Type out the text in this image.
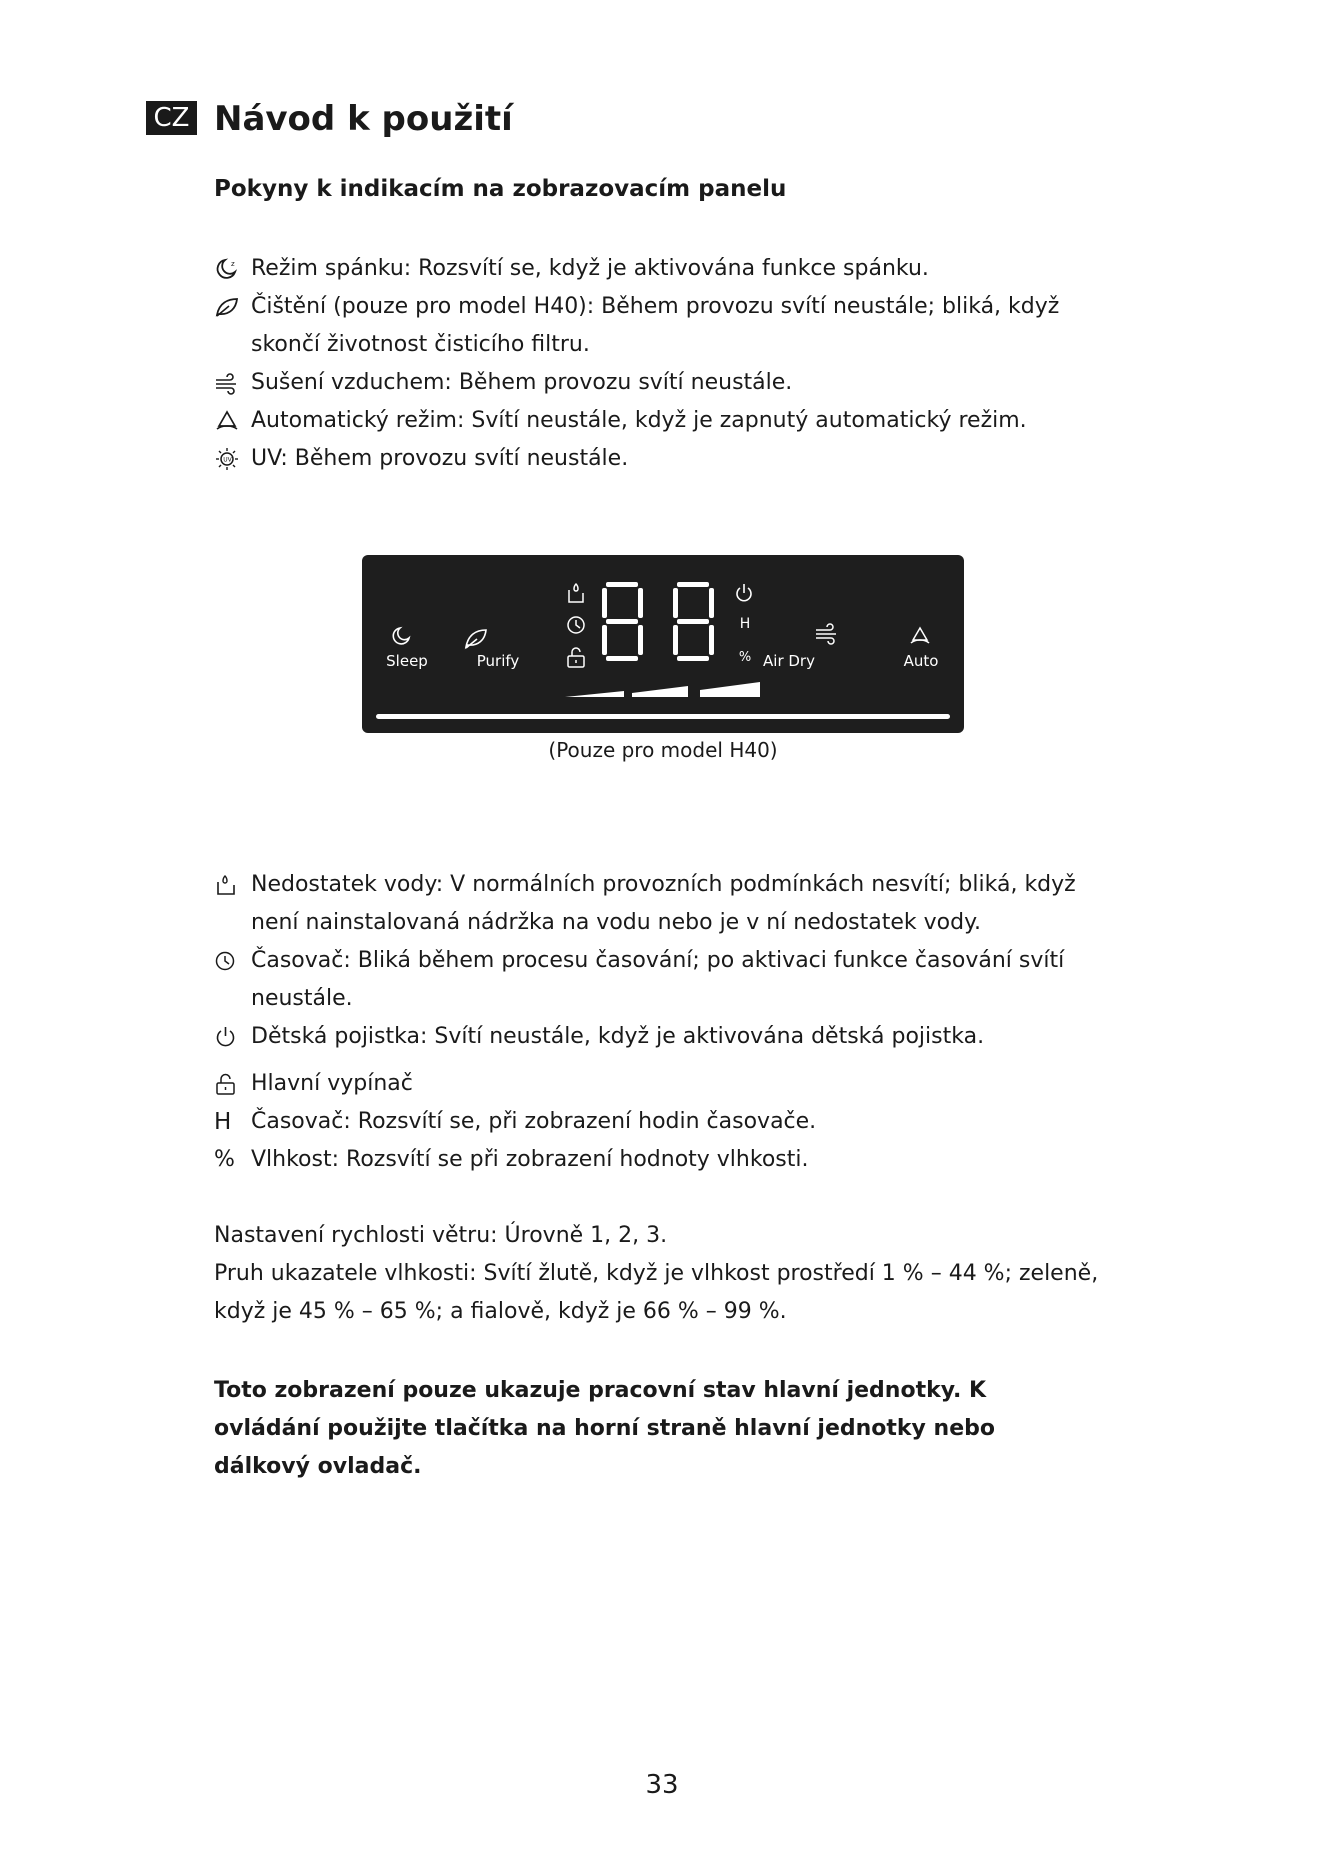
CZ Návod k použití
Pokyny k indikacím na zobrazovacím panelu
z Režim spánku: Rozsvítí se, když je aktivována funkce spánku.
Čištění (pouze pro model H40): Během provozu svítí neustále; bliká, když skončí životnost čisticího filtru.
Sušení vzduchem: Během provozu svítí neustále.
Automatický režim: Svítí neustále, když je zapnutý automatický režim.
UV UV: Během provozu svítí neustále.
Sleep	Purify	Air Dry	Auto
H
%
(Pouze pro model H40)
Nedostatek vody: V normálních provozních podmínkách nesvítí; bliká, když není nainstalovaná nádržka na vodu nebo je v ní nedostatek vody.
Časovač: Bliká během procesu časování; po aktivaci funkce časování svítí neustále.
Dětská pojistka: Svítí neustále, když je aktivována dětská pojistka.
Hlavní vypínač
H Časovač: Rozsvítí se, při zobrazení hodin časovače.
% Vlhkost: Rozsvítí se při zobrazení hodnoty vlhkosti.
Nastavení rychlosti větru: Úrovně 1, 2, 3.
Pruh ukazatele vlhkosti: Svítí žlutě, když je vlhkost prostředí 1 % – 44 %; zeleně, když je 45 % – 65 %; a fialově, když je 66 % – 99 %.
Toto zobrazení pouze ukazuje pracovní stav hlavní jednotky. K ovládání použijte tlačítka na horní straně hlavní jednotky nebo dálkový ovladač.
33
